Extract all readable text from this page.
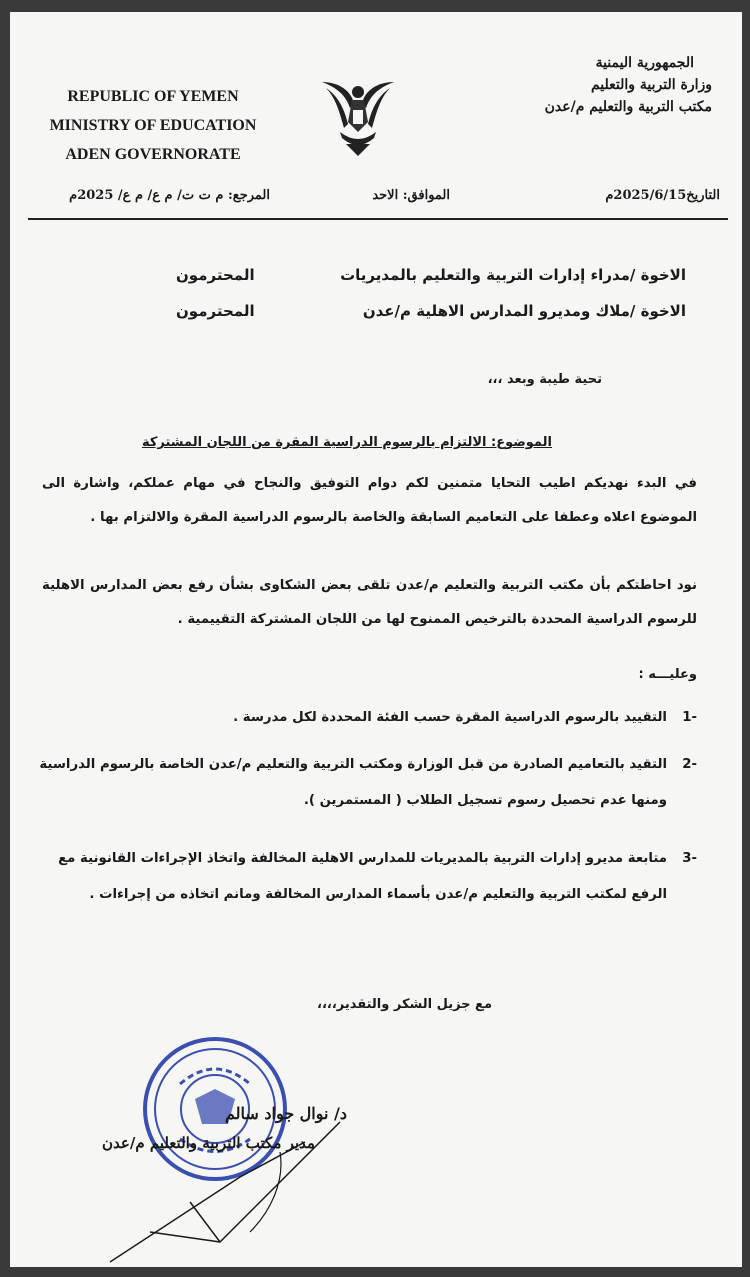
REPUBLIC OF YEMEN
MINISTRY OF EDUCATION
ADEN GOVERNORATE
الجمهورية اليمنية
وزارة التربية والتعليم
مكتب التربية والتعليم م/عدن
التاريخ2025/6/15م
الموافق: الاحد
المرجع: م ت ت/ م ع/ م ع/ 2025م
الاخوة /مدراء إدارات التربية والتعليم بالمديريات
المحترمون
الاخوة /ملاك ومديرو المدارس الاهلية م/عدن
المحترمون
تحية طيبة وبعد ،،،
الموضوع: الالتزام بالرسوم الدراسية المقرة من اللجان المشتركة
في البدء نهديكم اطيب التحايا متمنين لكم دوام التوفيق والنجاح في مهام عملكم، واشارة الى الموضوع اعلاه وعطفا على التعاميم السابقة والخاصة بالرسوم الدراسية المقرة والالتزام بها .
نود احاطتكم بأن مكتب التربية والتعليم م/عدن تلقى بعض الشكاوى بشأن رفع بعض المدارس الاهلية للرسوم الدراسية المحددة بالترخيص الممنوح لها من اللجان المشتركة التقييمية .
وعليـــه :
-1
التقييد بالرسوم الدراسية المقرة حسب الفئة المحددة لكل مدرسة .
-2
التقيد بالتعاميم الصادرة من قبل الوزارة ومكتب التربية والتعليم م/عدن الخاصة بالرسوم الدراسية ومنها عدم تحصيل رسوم تسجيل الطلاب ( المستمرين ).
-3
متابعة مديرو إدارات التربية بالمديريات للمدارس الاهلية المخالفة واتخاذ الإجراءات القانونية مع الرفع لمكتب التربية والتعليم م/عدن بأسماء المدارس المخالفة ومانم اتخاذه من إجراءات .
مع جزيل الشكر والتقدير،،،،
د/ نوال جواد سالم
مدير مكتب التربية والتعليم م/عدن
